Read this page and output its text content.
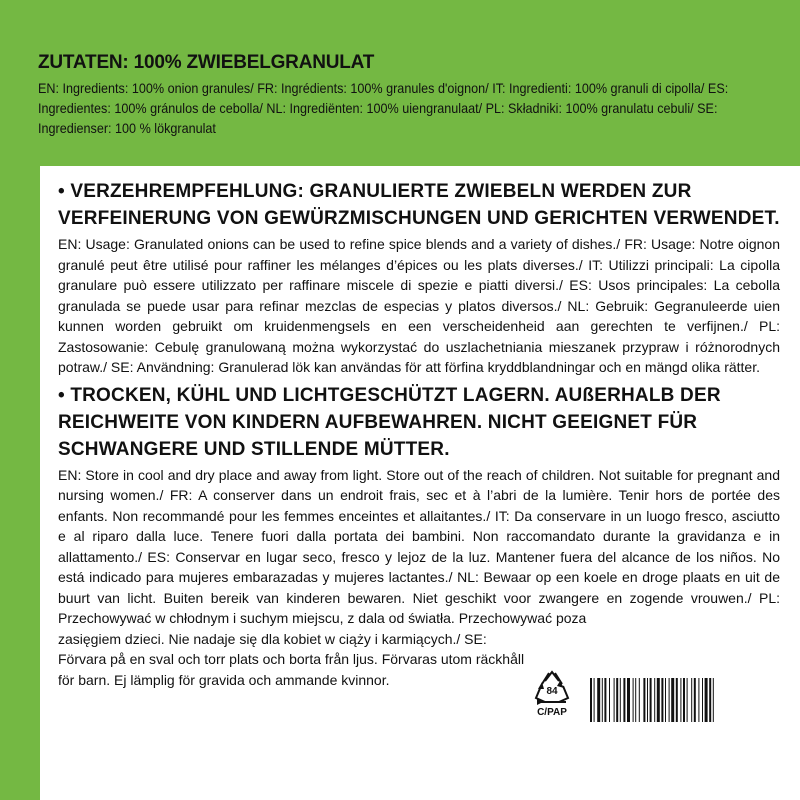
ZUTATEN: 100% ZWIEBELGRANULAT

EN: Ingredients: 100% onion granules/ FR: Ingrédients: 100% granules d'oignon/ IT: Ingredienti: 100% granuli di cipolla/ ES: Ingredientes: 100% gránulos de cebolla/ NL: Ingrediënten: 100% uiengranulaat/ PL: Składniki: 100% granulatu cebuli/ SE: Ingredienser: 100 % lökgranulat

• VERZEHREMPFEHLUNG: GRANULIERTE ZWIEBELN WERDEN ZUR VERFEINERUNG VON GEWÜRZMISCHUNGEN UND GERICHTEN VERWENDET.

EN: Usage: Granulated onions can be used to refine spice blends and a variety of dishes./ FR: Usage: Notre oignon granulé peut être utilisé pour raffiner les mélanges d’épices ou les plats diverses./ IT: Utilizzi principali: La cipolla granulare può essere utilizzato per raffinare miscele di spezie e piatti diversi./ ES: Usos principales: La cebolla granulada se puede usar para refinar mezclas de especias y platos diversos./ NL: Gebruik: Gegranuleerde uien kunnen worden gebruikt om kruidenmengsels en een verscheidenheid aan gerechten te verfijnen./ PL: Zastosowanie: Cebulę granulowaną można wykorzystać do uszlachetniania mieszanek przypraw i różnorodnych potraw./ SE: Användning: Granulerad lök kan användas för att förfina kryddblandningar och en mängd olika rätter.

• TROCKEN, KÜHL UND LICHTGESCHÜTZT LAGERN. AUßERHALB DER REICHWEITE VON KINDERN AUFBEWAHREN. NICHT GEEIGNET FÜR SCHWANGERE UND STILLENDE MÜTTER.

EN: Store in cool and dry place and away from light. Store out of the reach of children. Not suitable for pregnant and nursing women./ FR: A conserver dans un endroit frais, sec et à l’abri de la lumière. Tenir hors de portée des enfants. Non recommandé pour les femmes enceintes et allaitantes./ IT: Da conservare in un luogo fresco, asciutto e al riparo dalla luce. Tenere fuori dalla portata dei bambini. Non raccomandato durante la gravidanza e in allattamento./ ES: Conservar en lugar seco, fresco y lejoz de la luz. Mantener fuera del alcance de los niños. No está indicado para mujeres embarazadas y mujeres lactantes./ NL: Bewaar op een koele en droge plaats en uit de buurt van licht. Buiten bereik van kinderen bewaren. Niet geschikt voor zwangere en zogende vrouwen./ PL: Przechowywać w chłodnym i suchym miejscu, z dala od światła. Przechowywać poza

zasięgiem dzieci. Nie nadaje się dla kobiet w ciąży i karmiących./ SE: Förvara på en sval och torr plats och borta från ljus. Förvaras utom räckhåll för barn. Ej lämplig för gravida och ammande kvinnor.

84
C/PAP
